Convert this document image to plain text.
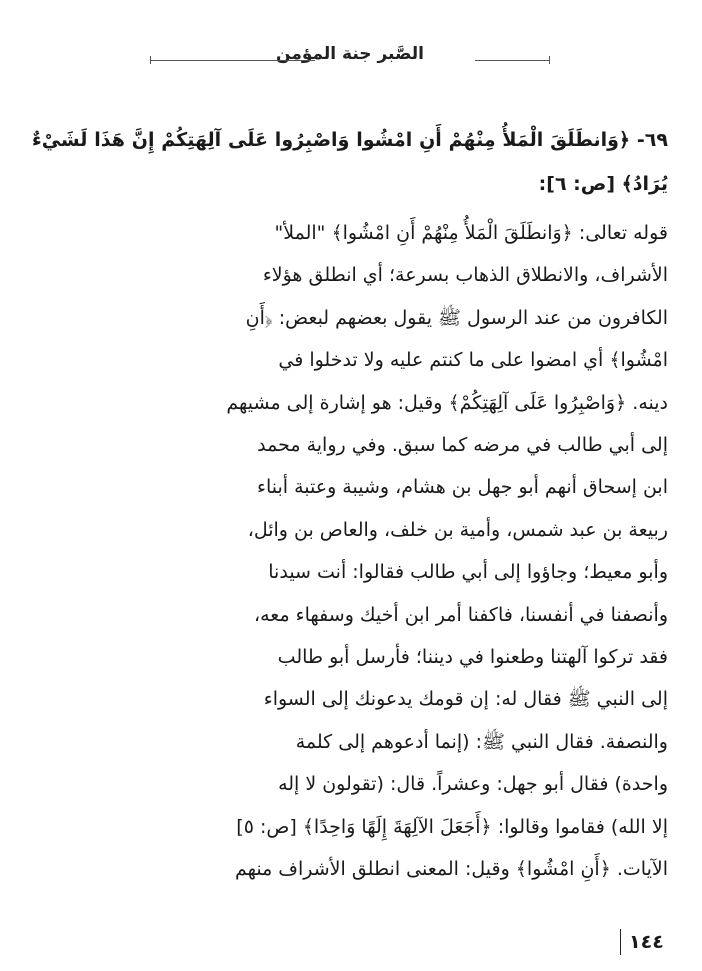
الصَّبر جنة المؤمن
٦٩- ﴿وَانطَلَقَ الْمَلأُ مِنْهُمْ أَنِ امْشُوا وَاصْبِرُوا عَلَى آلِهَتِكُمْ إِنَّ هَذَا لَشَيْءٌ يُرَادُ﴾ [ص: ٦]:
قوله تعالى: ﴿وَانطَلَقَ الْمَلأُ مِنْهُمْ أَنِ امْشُوا﴾ "الملأ"
الأشراف، والانطلاق الذهاب بسرعة؛ أي انطلق هؤلاء
الكافرون من عند الرسول ﷺ يقول بعضهم لبعض: ﴿أَنِ
امْشُوا﴾ أي امضوا على ما كنتم عليه ولا تدخلوا في
دينه. ﴿وَاصْبِرُوا عَلَى آلِهَتِكُمْ﴾ وقيل: هو إشارة إلى مشيهم
إلى أبي طالب في مرضه كما سبق. وفي رواية محمد
ابن إسحاق أنهم أبو جهل بن هشام، وشيبة وعتبة أبناء
ربيعة بن عبد شمس، وأمية بن خلف، والعاص بن وائل،
وأبو معيط؛ وجاؤوا إلى أبي طالب فقالوا: أنت سيدنا
وأنصفنا في أنفسنا، فاكفنا أمر ابن أخيك وسفهاء معه،
فقد تركوا آلهتنا وطعنوا في ديننا؛ فأرسل أبو طالب
إلى النبي ﷺ فقال له: إن قومك يدعونك إلى السواء
والنصفة. فقال النبي ﷺ: (إنما أدعوهم إلى كلمة
واحدة) فقال أبو جهل: وعشراً. قال: (تقولون لا إله
إلا الله) فقاموا وقالوا: ﴿أَجَعَلَ الآلِهَةَ إِلَهًا وَاحِدًا﴾ [ص: ٥]
الآيات. ﴿أَنِ امْشُوا﴾ وقيل: المعنى انطلق الأشراف منهم
١٤٤
